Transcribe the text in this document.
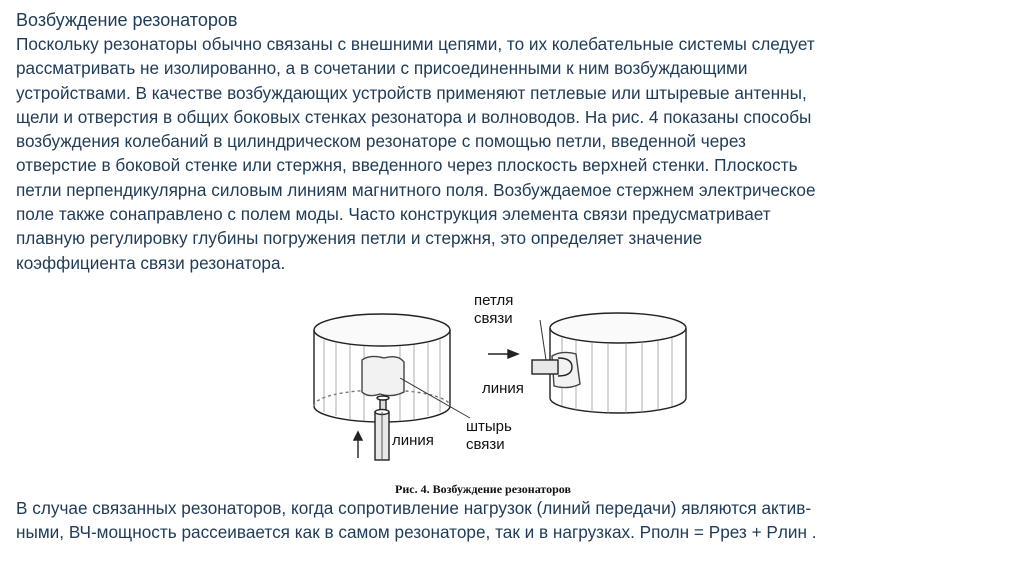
Возбуждение резонаторов
Поскольку резонаторы обычно связаны с внешними цепями, то их колебательные системы следует
рассматривать не изолированно, а в сочетании с присоединенными к ним возбуждающими
устройствами. В качестве возбуждающих устройств применяют петлевые или штыревые антенны,
щели и отверстия в общих боковых стенках резонатора и волноводов. На рис. 4 показаны способы
возбуждения колебаний в цилиндрическом резонаторе с помощью петли, введенной через
отверстие в боковой стенке или стержня, введенного через плоскость верхней стенки. Плоскость
петли перпендикулярна силовым линиям магнитного поля. Возбуждаемое стержнем электрическое
поле также сонаправлено с полем моды. Часто конструкция элемента связи предусматривает
плавную регулировку глубины погружения петли и стержня, это определяет значение
коэффициента связи резонатора.
петля
связи
линия
линия
штырь
связи
Рис. 4. Возбуждение резонаторов
В случае связанных резонаторов, когда сопротивление нагрузок (линий передачи) являются актив-
ными, ВЧ-мощность рассеивается как в самом резонаторе, так и в нагрузках. Pполн = Pрез + Pлин .
